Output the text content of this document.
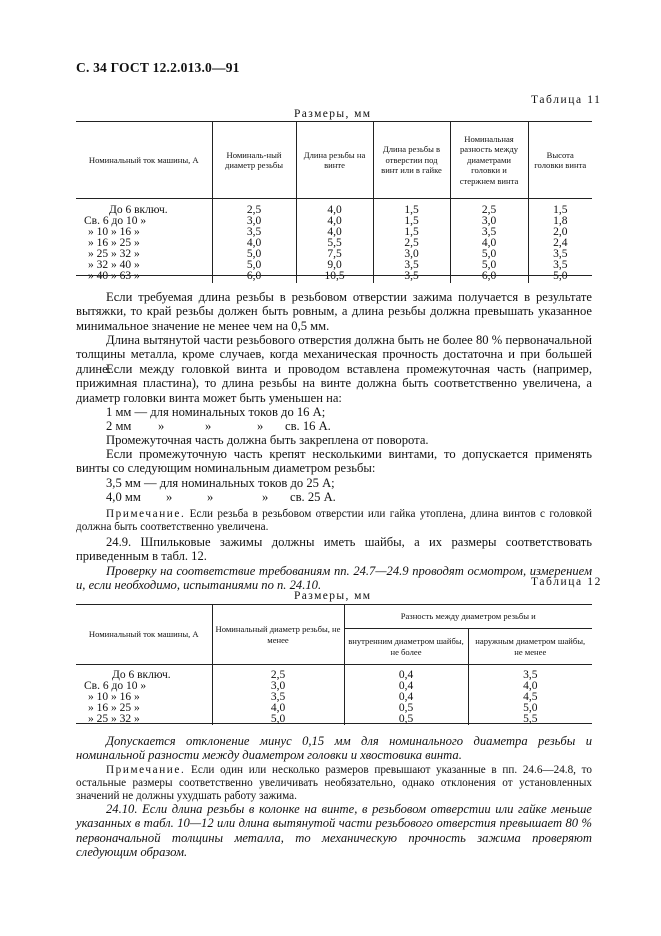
С. 34 ГОСТ 12.2.013.0—91
Таблица 11
Размеры, мм
Номинальный ток машины, А	Номиналь-ный диаметр резьбы	Длина резьбы на винте	Длина резьбы в отверстии под винт или в гайке	Номинальная разность между диаметрами головки и стержнем винта	Высота головки винта
До 6 включ.	2,5	4,0	1,5	2,5	1,5
Св. 6 до 10 »	3,0	4,0	1,5	3,0	1,8
» 10 » 16 »	3,5	4,0	1,5	3,5	2,0
» 16 » 25 »	4,0	5,5	2,5	4,0	2,4
» 25 » 32 »	5,0	7,5	3,0	5,0	3,5
» 32 » 40 »	5,0	9,0	3,5	5,0	3,5
» 40 » 63 »	6,0	10,5	3,5	6,0	5,0
Если требуемая длина резьбы в резьбовом отверстии зажима получается в результате вытяжки, то край резьбы должен быть ровным, а длина резьбы должна превышать указанное минимальное значение не менее чем на 0,5 мм.
Длина вытянутой части резьбового отверстия должна быть не более 80 % первоначальной толщины металла, кроме случаев, когда механическая прочность достаточна и при большей длине.
Если между головкой винта и проводом вставлена промежуточная часть (например, прижимная пластина), то длина резьбы на винте должна быть соответственно увеличена, а диаметр головки винта может быть уменьшен на:
1 мм — для номинальных токов до 16 А;
2 мм »	»	» св. 16 А.
Промежуточная часть должна быть закреплена от поворота.
Если промежуточную часть крепят несколькими винтами, то допускается применять винты со следующим номинальным диаметром резьбы:
3,5 мм — для номинальных токов до 25 А;
4,0 мм »	»	» св. 25 А.
Примечание. Если резьба в резьбовом отверстии или гайка утоплена, длина винтов с головкой должна быть соответственно увеличена.
24.9. Шпильковые зажимы должны иметь шайбы, а их размеры соответствовать приведенным в табл. 12.
Проверку на соответствие требованиям пп. 24.7—24.9 проводят осмотром, измерением и, если необходимо, испытаниями по п. 24.10.	Таблица 12
Размеры, мм
Номинальный ток машины, А	Номинальный диаметр резьбы, не менее	Разность между диаметром резьбы и	
		внутренним диаметром шайбы, не более	наружным диаметром шайбы, не менее
До 6 включ.	2,5	0,4	3,5
Св. 6 до 10 »	3,0	0,4	4,0
» 10 » 16 »	3,5	0,4	4,5
» 16 » 25 »	4,0	0,5	5,0
» 25 » 32 »	5,0	0,5	5,5
Допускается отклонение минус 0,15 мм для номинального диаметра резьбы и номинальной разности между диаметром головки и хвостовика винта.
Примечание. Если один или несколько размеров превышают указанные в пп. 24.6—24.8, то остальные размеры соответственно увеличивать необязательно, однако отклонения от установленных значений не должны ухудшать работу зажима.
24.10. Если длина резьбы в колонке на винте, в резьбовом отверстии или гайке меньше указанных в табл. 10—12 или длина вытянутой части резьбового отверстия превышает 80 % первоначальной толщины металла, то механическую прочность зажима проверяют следующим образом.
